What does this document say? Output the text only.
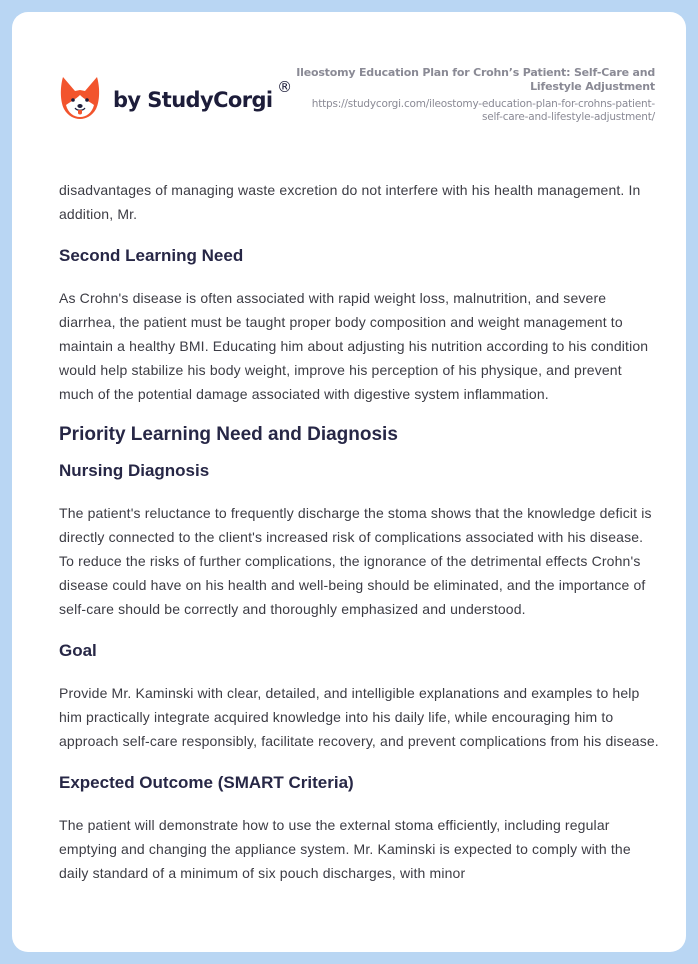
by StudyCorgi
®
Ileostomy Education Plan for Crohn’s Patient: Self-Care and Lifestyle Adjustment
https://studycorgi.com/ileostomy-education-plan-for-crohns-patient-self-care-and-lifestyle-adjustment/

disadvantages of managing waste excretion do not interfere with his health management. In addition, Mr.

Second Learning Need

As Crohn's disease is often associated with rapid weight loss, malnutrition, and severe diarrhea, the patient must be taught proper body composition and weight management to maintain a healthy BMI. Educating him about adjusting his nutrition according to his condition would help stabilize his body weight, improve his perception of his physique, and prevent much of the potential damage associated with digestive system inflammation.

Priority Learning Need and Diagnosis
Nursing Diagnosis

The patient's reluctance to frequently discharge the stoma shows that the knowledge deficit is directly connected to the client's increased risk of complications associated with his disease. To reduce the risks of further complications, the ignorance of the detrimental effects Crohn's disease could have on his health and well-being should be eliminated, and the importance of self-care should be correctly and thoroughly emphasized and understood.

Goal

Provide Mr. Kaminski with clear, detailed, and intelligible explanations and examples to help him practically integrate acquired knowledge into his daily life, while encouraging him to approach self-care responsibly, facilitate recovery, and prevent complications from his disease.

Expected Outcome (SMART Criteria)

The patient will demonstrate how to use the external stoma efficiently, including regular emptying and changing the appliance system. Mr. Kaminski is expected to comply with the daily standard of a minimum of six pouch discharges, with minor
